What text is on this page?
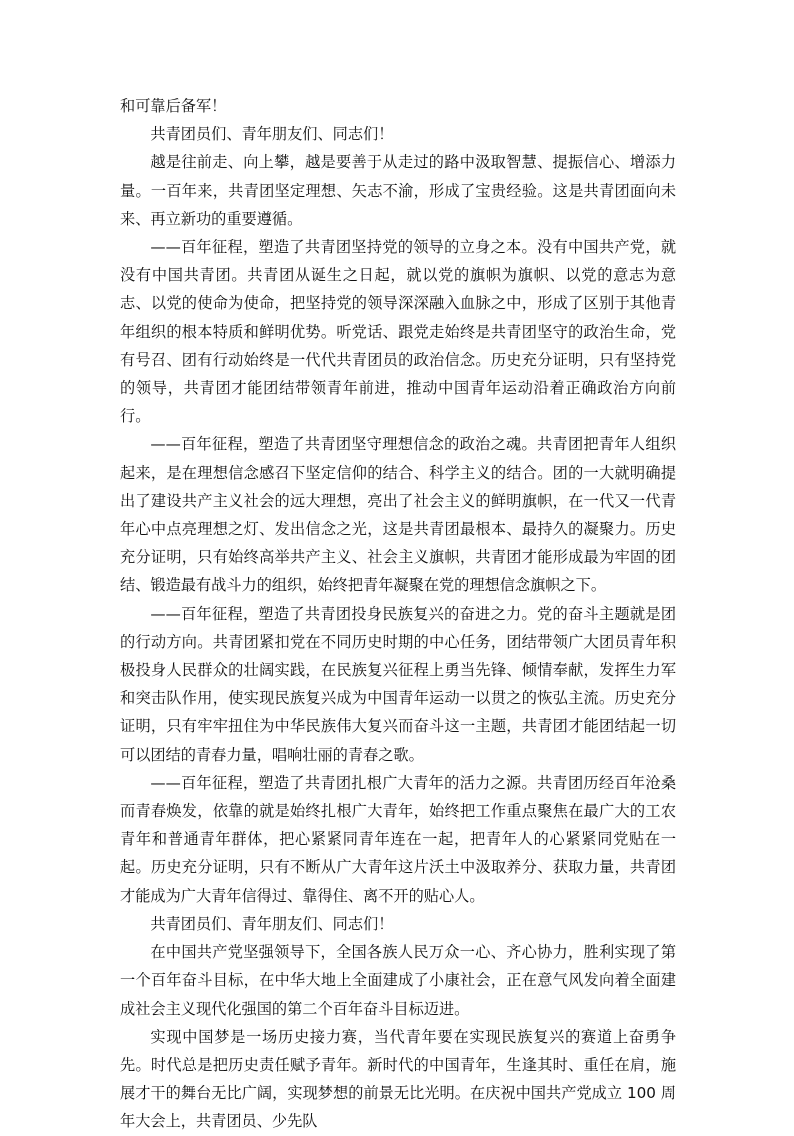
和可靠后备军！

共青团员们、青年朋友们、同志们！

越是往前走、向上攀，越是要善于从走过的路中汲取智慧、提振信心、增添力量。一百年来，共青团坚定理想、矢志不渝，形成了宝贵经验。这是共青团面向未来、再立新功的重要遵循。

——百年征程，塑造了共青团坚持党的领导的立身之本。没有中国共产党，就没有中国共青团。共青团从诞生之日起，就以党的旗帜为旗帜、以党的意志为意志、以党的使命为使命，把坚持党的领导深深融入血脉之中，形成了区别于其他青年组织的根本特质和鲜明优势。听党话、跟党走始终是共青团坚守的政治生命，党有号召、团有行动始终是一代代共青团员的政治信念。历史充分证明，只有坚持党的领导，共青团才能团结带领青年前进，推动中国青年运动沿着正确政治方向前行。

——百年征程，塑造了共青团坚守理想信念的政治之魂。共青团把青年人组织起来，是在理想信念感召下坚定信仰的结合、科学主义的结合。团的一大就明确提出了建设共产主义社会的远大理想，亮出了社会主义的鲜明旗帜，在一代又一代青年心中点亮理想之灯、发出信念之光，这是共青团最根本、最持久的凝聚力。历史充分证明，只有始终高举共产主义、社会主义旗帜，共青团才能形成最为牢固的团结、锻造最有战斗力的组织，始终把青年凝聚在党的理想信念旗帜之下。

——百年征程，塑造了共青团投身民族复兴的奋进之力。党的奋斗主题就是团的行动方向。共青团紧扣党在不同历史时期的中心任务，团结带领广大团员青年积极投身人民群众的壮阔实践，在民族复兴征程上勇当先锋、倾情奉献，发挥生力军和突击队作用，使实现民族复兴成为中国青年运动一以贯之的恢弘主流。历史充分证明，只有牢牢扭住为中华民族伟大复兴而奋斗这一主题，共青团才能团结起一切可以团结的青春力量，唱响壮丽的青春之歌。

——百年征程，塑造了共青团扎根广大青年的活力之源。共青团历经百年沧桑而青春焕发，依靠的就是始终扎根广大青年，始终把工作重点聚焦在最广大的工农青年和普通青年群体，把心紧紧同青年连在一起，把青年人的心紧紧同党贴在一起。历史充分证明，只有不断从广大青年这片沃土中汲取养分、获取力量，共青团才能成为广大青年信得过、靠得住、离不开的贴心人。

共青团员们、青年朋友们、同志们！

在中国共产党坚强领导下，全国各族人民万众一心、齐心协力，胜利实现了第一个百年奋斗目标，在中华大地上全面建成了小康社会，正在意气风发向着全面建成社会主义现代化强国的第二个百年奋斗目标迈进。

实现中国梦是一场历史接力赛，当代青年要在实现民族复兴的赛道上奋勇争先。时代总是把历史责任赋予青年。新时代的中国青年，生逢其时、重任在肩，施展才干的舞台无比广阔，实现梦想的前景无比光明。在庆祝中国共产党成立 100 周年大会上，共青团员、少先队
